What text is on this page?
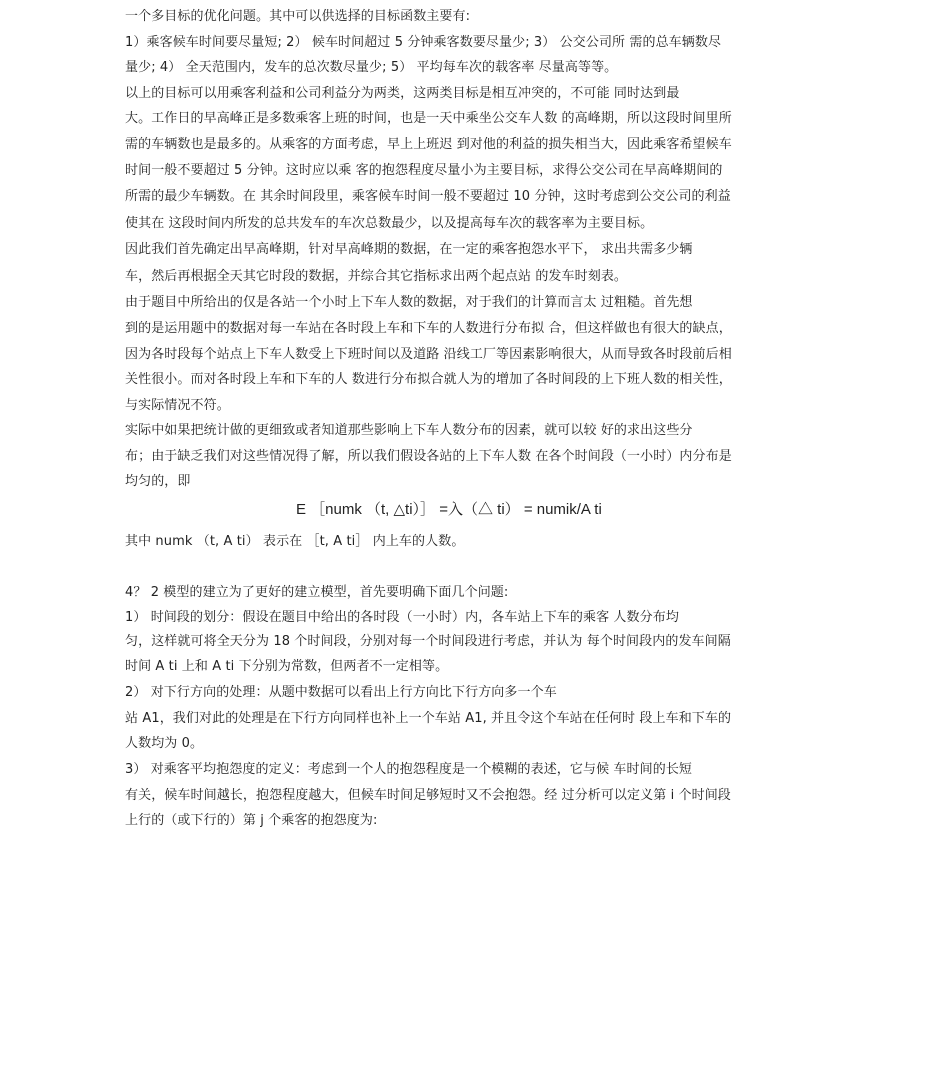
一个多目标的优化问题。其中可以供选择的目标函数主要有:
1）乘客候车时间要尽量短; 2） 候车时间超过 5 分钟乘客数要尽量少; 3） 公交公司所 需的总车辆数尽
量少; 4） 全天范围内，发车的总次数尽量少; 5） 平均每车次的载客率 尽量高等等。
以上的目标可以用乘客利益和公司利益分为两类，这两类目标是相互冲突的，不可能 同时达到最
大。工作日的早高峰正是多数乘客上班的时间，也是一天中乘坐公交车人数 的高峰期，所以这段时间里所
需的车辆数也是最多的。从乘客的方面考虑，早上上班迟 到对他的利益的损失相当大，因此乘客希望候车
时间一般不要超过 5 分钟。这时应以乘 客的抱怨程度尽量小为主要目标，求得公交公司在早高峰期间的
所需的最少车辆数。在 其余时间段里，乘客候车时间一般不要超过 10 分钟，这时考虑到公交公司的利益
使其在 这段时间内所发的总共发车的车次总数最少，以及提高每车次的载客率为主要目标。
因此我们首先确定出早高峰期，针对早高峰期的数据，在一定的乘客抱怨水平下， 求出共需多少辆
车，然后再根据全天其它时段的数据，并综合其它指标求出两个起点站 的发车时刻表。
由于题目中所给出的仅是各站一个小时上下车人数的数据，对于我们的计算而言太 过粗糙。首先想
到的是运用题中的数据对每一车站在各时段上车和下车的人数进行分布拟 合，但这样做也有很大的缺点，
因为各时段每个站点上下车人数受上下班时间以及道路 沿线工厂等因素影响很大，从而导致各时段前后相
关性很小。而对各时段上车和下车的人 数进行分布拟合就人为的增加了各时间段的上下班人数的相关性，
与实际情况不符。
实际中如果把统计做的更细致或者知道那些影响上下车人数分布的因素，就可以较 好的求出这些分
布；由于缺乏我们对这些情况得了解，所以我们假设各站的上下车人数 在各个时间段（一小时）内分布是
均匀的，即
E ［numk （t, △ti）］ =入（△ ti） = numik/A ti
其中 numk （t, A ti） 表示在 ［t, A ti］ 内上车的人数。
4？ 2 模型的建立为了更好的建立模型，首先要明确下面几个问题:
1） 时间段的划分：假设在题目中给出的各时段（一小时）内，各车站上下车的乘客 人数分布均
匀，这样就可将全天分为 18 个时间段，分别对每一个时间段进行考虑，并认为 每个时间段内的发车间隔
时间 A ti 上和 A ti 下分别为常数，但两者不一定相等。
2） 对下行方向的处理：从题中数据可以看出上行方向比下行方向多一个车
站 A1，我们对此的处理是在下行方向同样也补上一个车站 A1, 并且令这个车站在任何时 段上车和下车的
人数均为 0。
3） 对乘客平均抱怨度的定义：考虑到一个人的抱怨程度是一个模糊的表述，它与候 车时间的长短
有关，候车时间越长，抱怨程度越大，但候车时间足够短时又不会抱怨。经 过分析可以定义第 i 个时间段
上行的（或下行的）第 j 个乘客的抱怨度为:
